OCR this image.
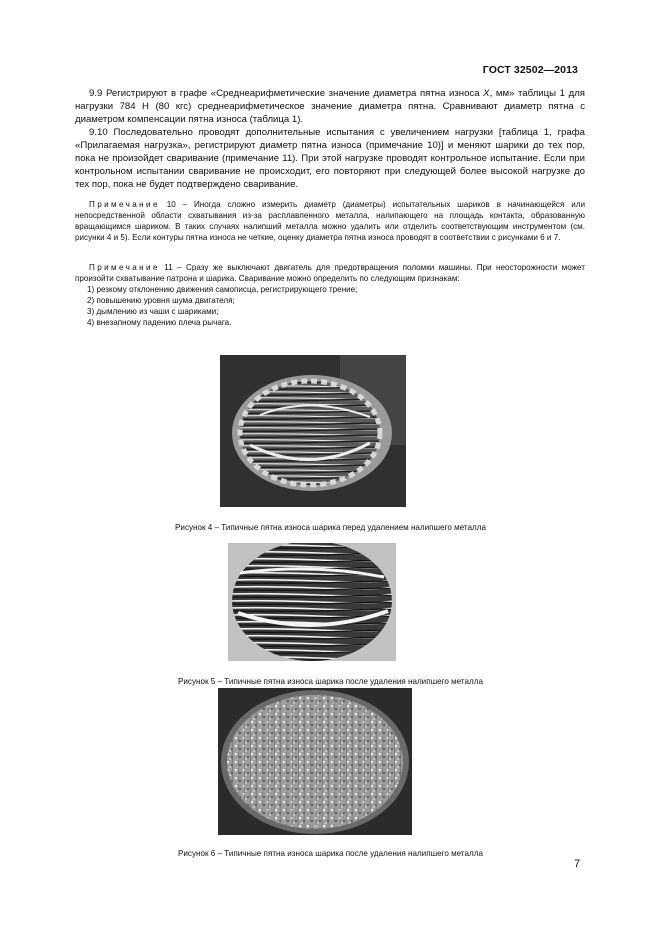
ГОСТ 32502—2013

9.9 Регистрируют в графе «Среднеарифметические значение диаметра пятна износа X, мм» таблицы 1 для нагрузки 784 Н (80 кгс) среднеарифметическое значение диаметра пятна. Сравнивают диаметр пятна с диаметром компенсации пятна износа (таблица 1).

9.10 Последовательно проводят дополнительные испытания с увеличением нагрузки [таблица 1, графа «Прилагаемая нагрузка», регистрируют диаметр пятна износа (примечание 10)] и меняют шарики до тех пор, пока не произойдет сваривание (примечание 11). При этой нагрузке проводят контрольное испытание. Если при контрольном испытании сваривание не происходит, его повторяют при следующей более высокой нагрузке до тех пор, пока не будет подтверждено сваривание.

Примечание 10 – Иногда сложно измерить диаметр (диаметры) испытательных шариков в начинающейся или непосредственной области схватывания из-за расплавленного металла, налипающего на площадь контакта, образованную вращающимся шариком. В таких случаях налипший металла можно удалить или отделить соответствующим инструментом (см. рисунки 4 и 5). Если контуры пятна износа не четкие, оценку диаметра пятна износа проводят в соответствии с рисунками 6 и 7.

Примечание 11 – Сразу же выключают двигатель для предотвращения поломки машины. При неосторожности может произойти схватывание патрона и шарика. Сваривание можно определить по следующим признакам:

1) резкому отклонению движения самописца, регистрирующего трение;

2) повышению уровня шума двигателя;

3) дымлению из чаши с шариками;

4) внезапному падению плеча рычага.

Рисунок 4 – Типичные пятна износа шарика перед удалением налипшего металла
Рисунок 5 – Типичные пятна износа шарика после удаления налипшего металла
Рисунок 6 – Типичные пятна износа шарика после удаления налипшего металла
7
